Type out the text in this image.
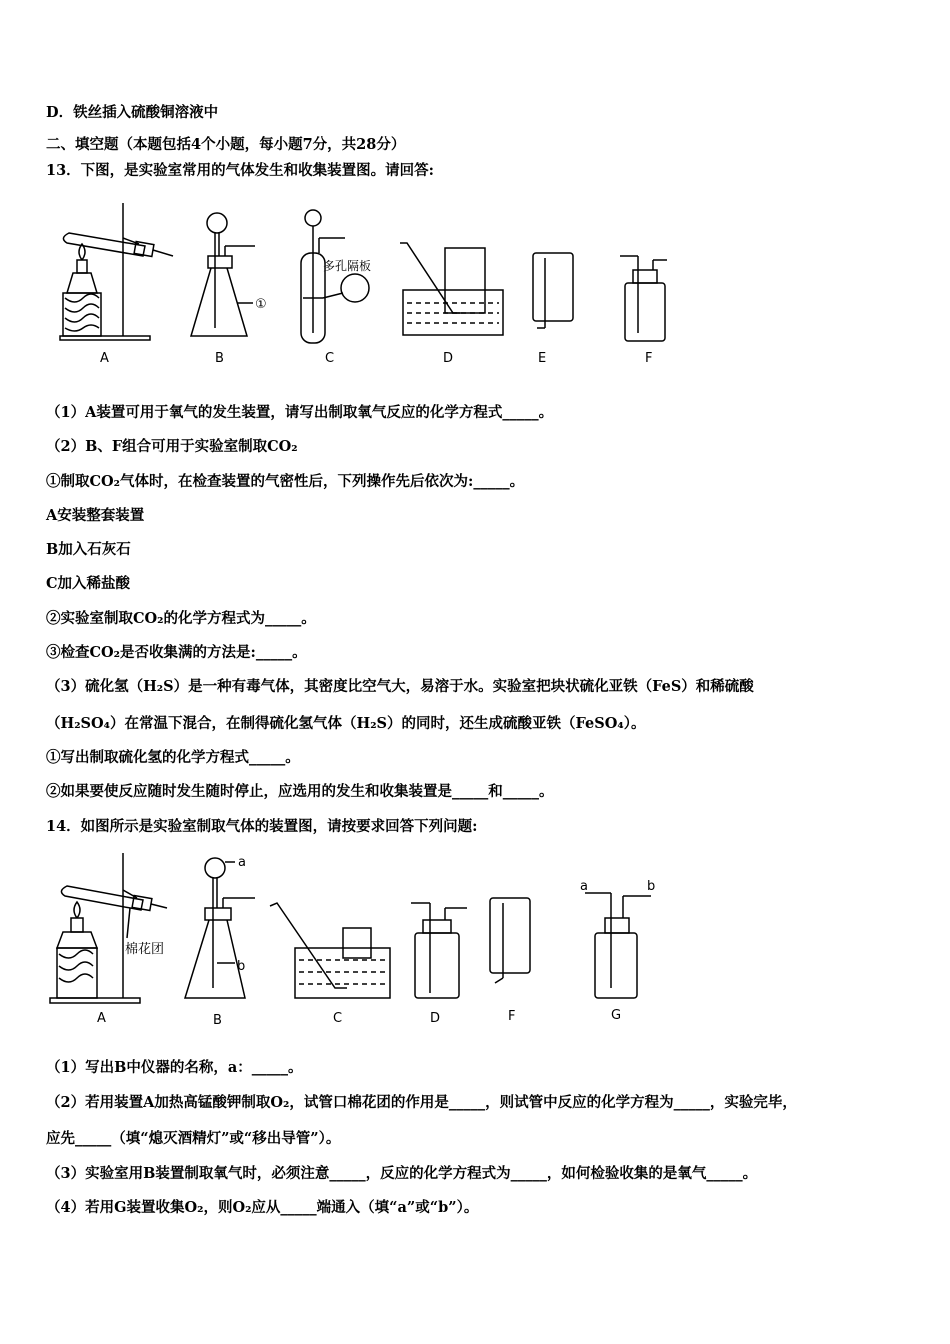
D．铁丝插入硫酸铜溶液中
二、填空题（本题包括4个小题，每小题7分，共28分）
13．下图，是实验室常用的气体发生和收集装置图。请回答:
A	B	C	D	E	F
①
多孔隔板
（1）A装置可用于氧气的发生装置，请写出制取氧气反应的化学方程式_____。
（2）B、F组合可用于实验室制取CO₂
①制取CO₂气体时，在检查装置的气密性后，下列操作先后依次为:_____。
A安装整套装置
B加入石灰石
C加入稀盐酸
②实验室制取CO₂的化学方程式为_____。
③检查CO₂是否收集满的方法是:_____。
（3）硫化氢（H₂S）是一种有毒气体，其密度比空气大，易溶于水。实验室把块状硫化亚铁（FeS）和稀硫酸
（H₂SO₄）在常温下混合，在制得硫化氢气体（H₂S）的同时，还生成硫酸亚铁（FeSO₄）。
①写出制取硫化氢的化学方程式_____。
②如果要使反应随时发生随时停止，应选用的发生和收集装置是_____和_____。
14．如图所示是实验室制取气体的装置图，请按要求回答下列问题:
A	B	C	D	F	G
棉花团
a
b
a	b
（1）写出B中仪器的名称，a：_____。
（2）若用装置A加热高锰酸钾制取O₂，试管口棉花团的作用是_____，则试管中反应的化学方程为_____，实验完毕，
应先_____（填“熄灭酒精灯”或“移出导管”）。
（3）实验室用B装置制取氧气时，必须注意_____，反应的化学方程式为_____，如何检验收集的是氧气_____。
（4）若用G装置收集O₂，则O₂应从_____端通入（填“a”或“b”）。
